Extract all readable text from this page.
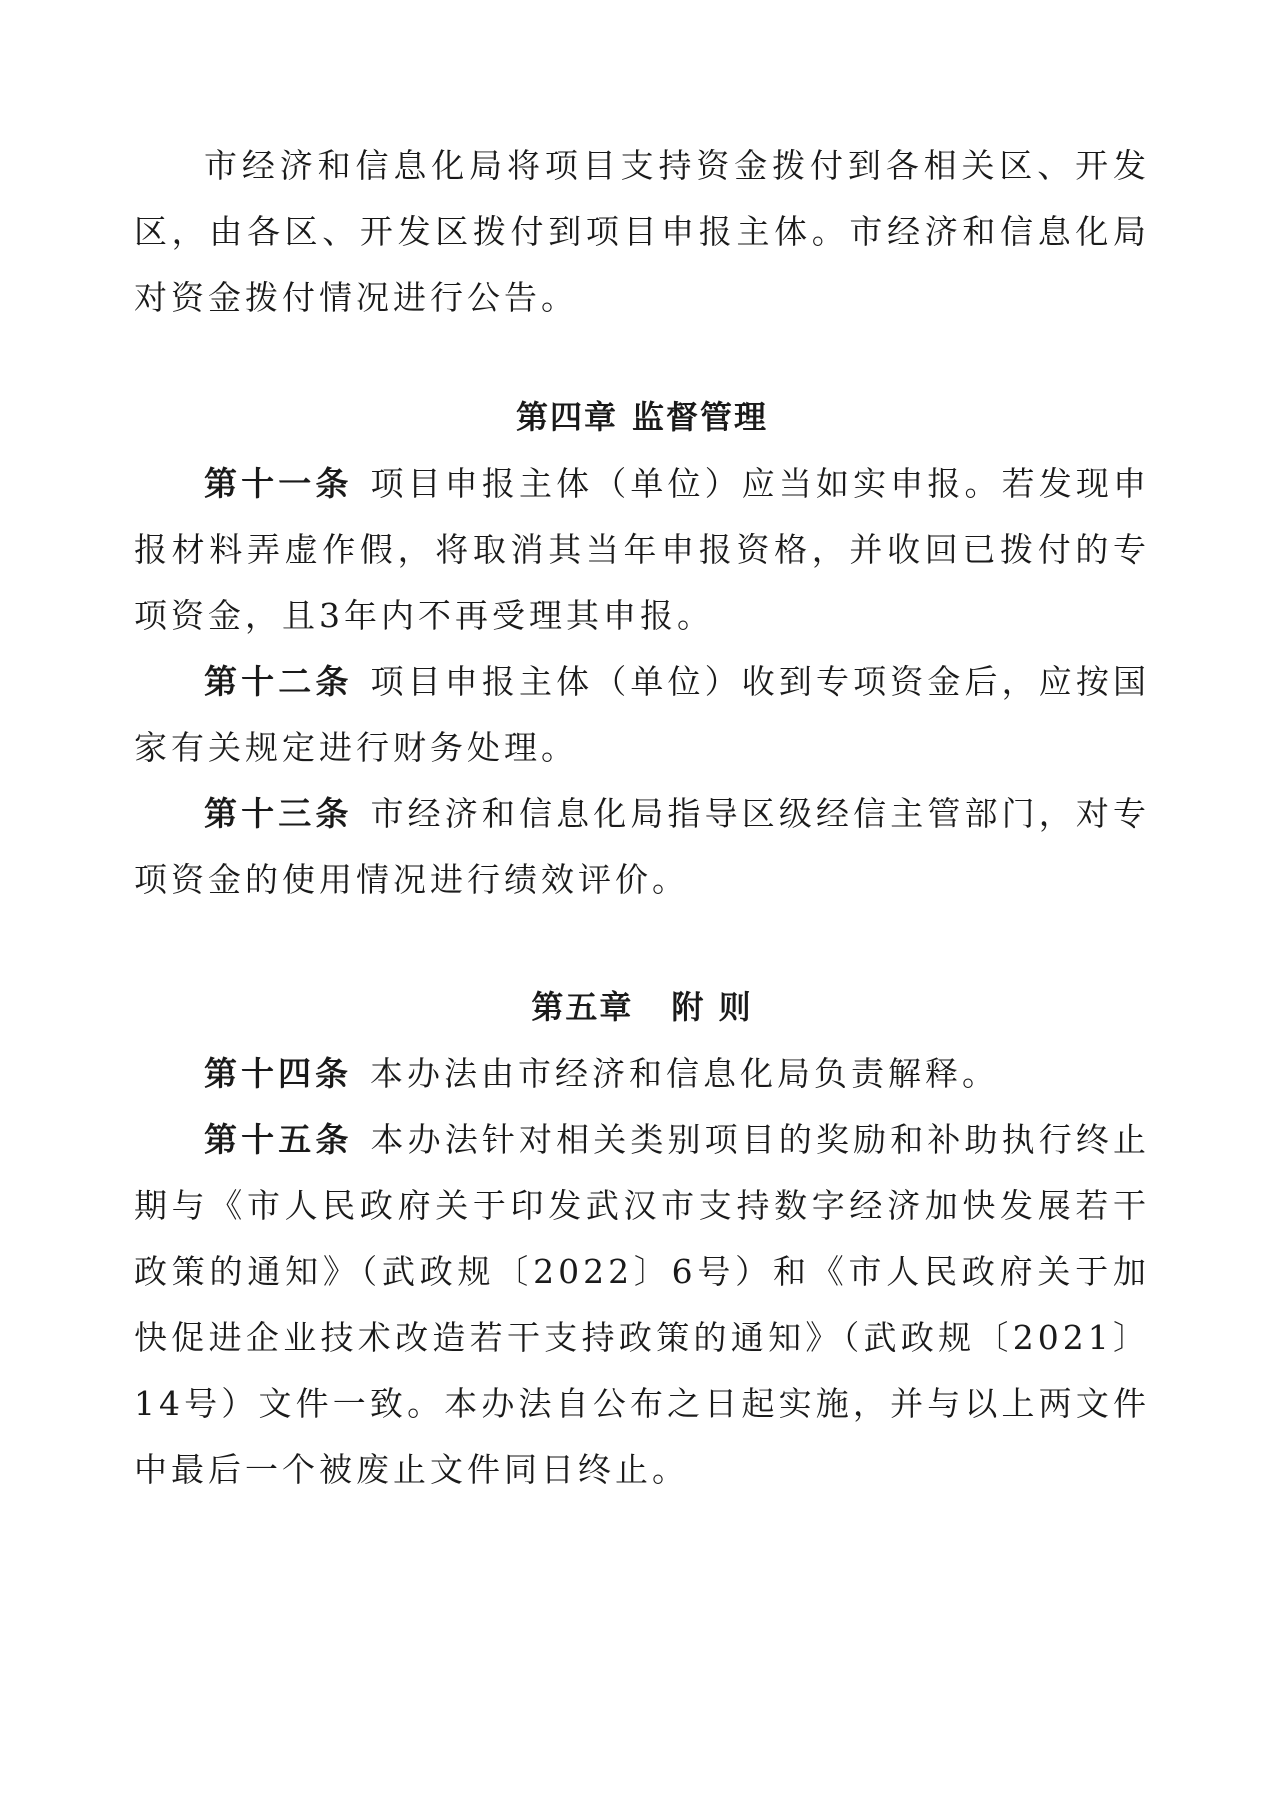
市经济和信息化局将项目支持资金拨付到各相关区、开发区，由各区、开发区拨付到项目申报主体。市经济和信息化局对资金拨付情况进行公告。

第四章 监督管理

第十一条 项目申报主体（单位）应当如实申报。若发现申报材料弄虚作假，将取消其当年申报资格，并收回已拨付的专项资金，且3年内不再受理其申报。

第十二条 项目申报主体（单位）收到专项资金后，应按国家有关规定进行财务处理。

第十三条 市经济和信息化局指导区级经信主管部门，对专项资金的使用情况进行绩效评价。

第五章 附 则

第十四条 本办法由市经济和信息化局负责解释。

第十五条 本办法针对相关类别项目的奖励和补助执行终止期与《市人民政府关于印发武汉市支持数字经济加快发展若干政策的通知》（武政规〔2022〕6号）和《市人民政府关于加快促进企业技术改造若干支持政策的通知》（武政规〔2021〕14号）文件一致。本办法自公布之日起实施，并与以上两文件中最后一个被废止文件同日终止。
